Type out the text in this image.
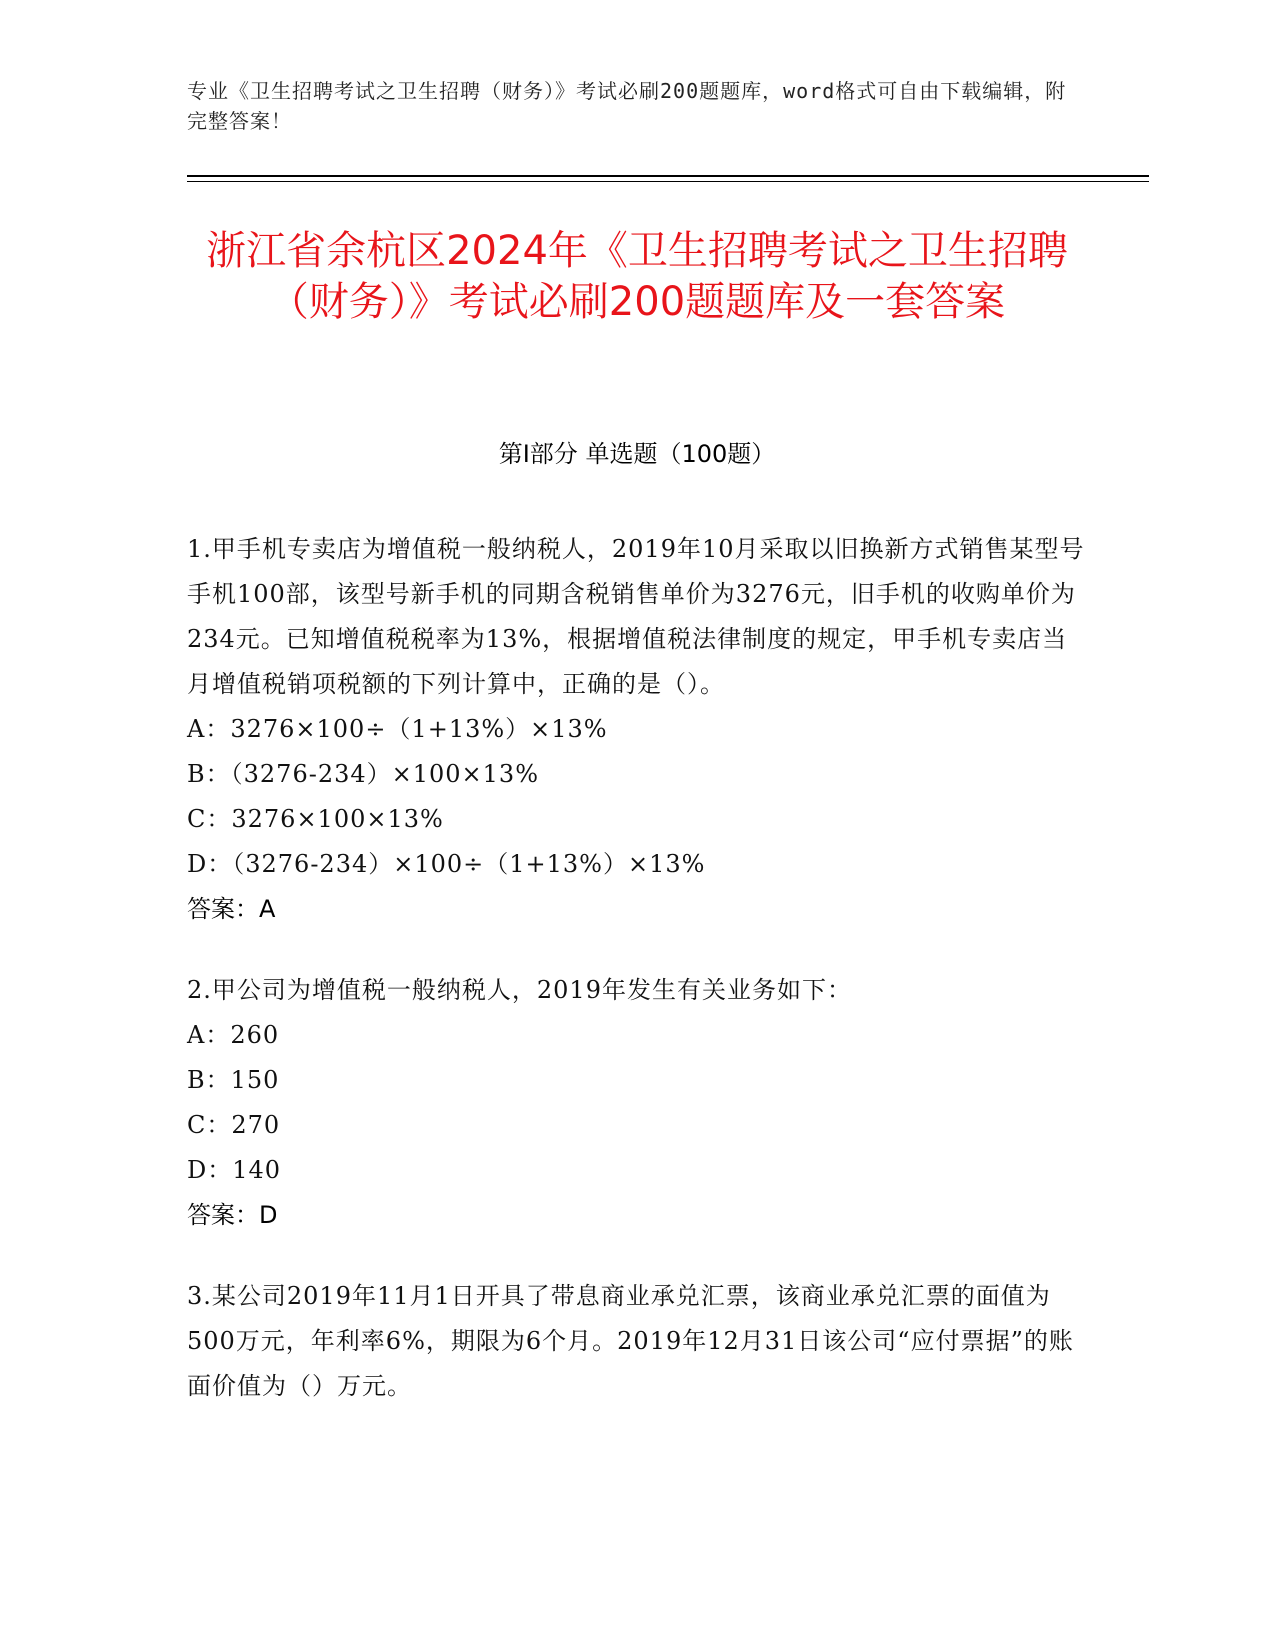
专业《卫生招聘考试之卫生招聘（财务）》考试必刷200题题库，word格式可自由下载编辑，附完整答案！
浙江省余杭区2024年《卫生招聘考试之卫生招聘（财务）》考试必刷200题题库及一套答案
第I部分 单选题（100题）
1.甲手机专卖店为增值税一般纳税人，2019年10月采取以旧换新方式销售某型号手机100部，该型号新手机的同期含税销售单价为3276元，旧手机的收购单价为234元。已知增值税税率为13%，根据增值税法律制度的规定，甲手机专卖店当月增值税销项税额的下列计算中，正确的是（）。
A：3276×100÷（1+13%）×13%
B：（3276-234）×100×13%
C：3276×100×13%
D：（3276-234）×100÷（1+13%）×13%
答案：A
2.甲公司为增值税一般纳税人，2019年发生有关业务如下：
A：260
B：150
C：270
D：140
答案：D
3.某公司2019年11月1日开具了带息商业承兑汇票，该商业承兑汇票的面值为500万元，年利率6%，期限为6个月。2019年12月31日该公司“应付票据”的账面价值为（）万元。
